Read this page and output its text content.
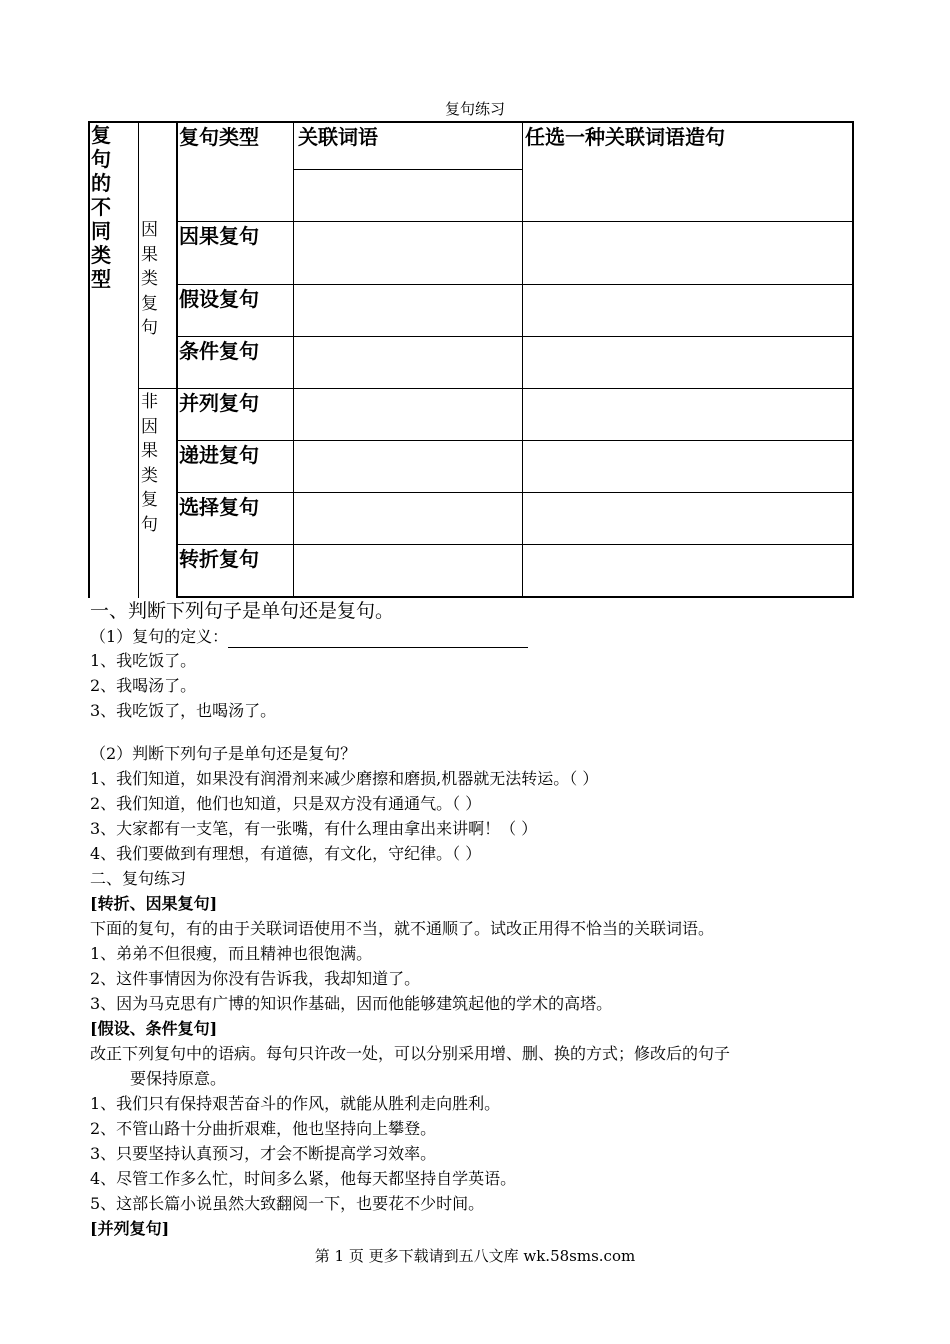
复句练习
复
句
的
不
同
类
型
因
果
类
复
句
非
因
果
类
复
句
复句类型 关联词语	任选一种关联词语造句
因果复句
假设复句
条件复句
并列复句
递进复句
选择复句
转折复句
一、判断下列句子是单句还是复句。
（1）复句的定义：
1、我吃饭了。
2、我喝汤了。
3、我吃饭了，也喝汤了。
（2）判断下列句子是单句还是复句？
1、我们知道，如果没有润滑剂来减少磨擦和磨损,机器就无法转运。（ ）
2、我们知道，他们也知道，只是双方没有通通气。（ ）
3、大家都有一支笔，有一张嘴，有什么理由拿出来讲啊！（ ）
4、我们要做到有理想，有道德，有文化，守纪律。（ ）
二、复句练习
[转折、因果复句]
下面的复句，有的由于关联词语使用不当，就不通顺了。试改正用得不恰当的关联词语。
1、弟弟不但很瘦，而且精神也很饱满。
2、这件事情因为你没有告诉我，我却知道了。
3、因为马克思有广博的知识作基础，因而他能够建筑起他的学术的高塔。
[假设、条件复句]
改正下列复句中的语病。每句只许改一处，可以分别采用增、删、换的方式；修改后的句子
要保持原意。
1、我们只有保持艰苦奋斗的作风，就能从胜利走向胜利。
2、不管山路十分曲折艰难，他也坚持向上攀登。
3、只要坚持认真预习，才会不断提高学习效率。
4、尽管工作多么忙，时间多么紧，他每天都坚持自学英语。
5、这部长篇小说虽然大致翻阅一下，也要花不少时间。
[并列复句]
第 1 页 更多下载请到五八文库 wk.58sms.com
